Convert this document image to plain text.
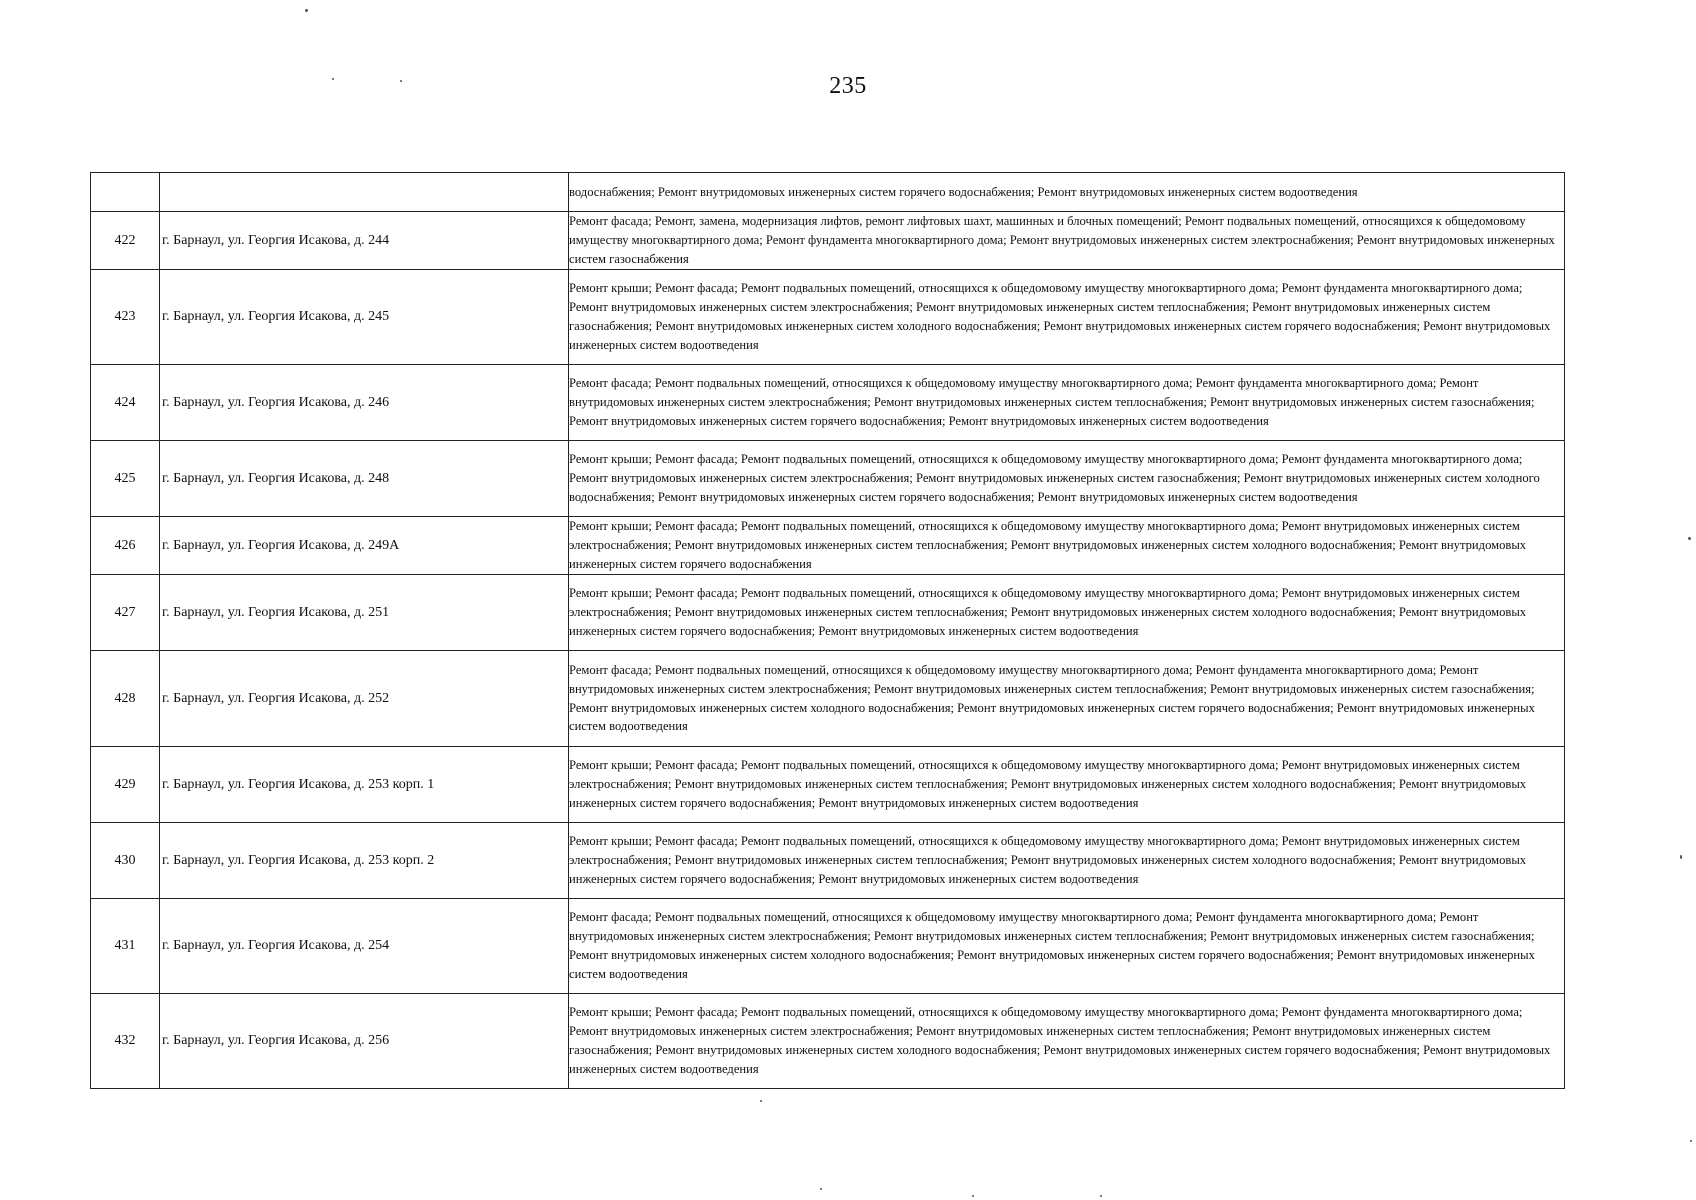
235
		водоснабжения; Ремонт внутридомовых инженерных систем горячего водоснабжения; Ремонт внутридомовых инженерных систем водоотведения
422	г. Барнаул, ул. Георгия Исакова, д. 244	Ремонт фасада; Ремонт, замена, модернизация лифтов, ремонт лифтовых шахт, машинных и блочных помещений; Ремонт подвальных помещений, относящихся к общедомовому имуществу многоквартирного дома; Ремонт фундамента многоквартирного дома; Ремонт внутридомовых инженерных систем электроснабжения; Ремонт внутридомовых инженерных систем газоснабжения
423	г. Барнаул, ул. Георгия Исакова, д. 245	Ремонт крыши; Ремонт фасада; Ремонт подвальных помещений, относящихся к общедомовому имуществу многоквартирного дома; Ремонт фундамента многоквартирного дома; Ремонт внутридомовых инженерных систем электроснабжения; Ремонт внутридомовых инженерных систем теплоснабжения; Ремонт внутридомовых инженерных систем газоснабжения; Ремонт внутридомовых инженерных систем холодного водоснабжения; Ремонт внутридомовых инженерных систем горячего водоснабжения; Ремонт внутридомовых инженерных систем водоотведения
424	г. Барнаул, ул. Георгия Исакова, д. 246	Ремонт фасада; Ремонт подвальных помещений, относящихся к общедомовому имуществу многоквартирного дома; Ремонт фундамента многоквартирного дома; Ремонт внутридомовых инженерных систем электроснабжения; Ремонт внутридомовых инженерных систем теплоснабжения; Ремонт внутридомовых инженерных систем газоснабжения; Ремонт внутридомовых инженерных систем горячего водоснабжения; Ремонт внутридомовых инженерных систем водоотведения
425	г. Барнаул, ул. Георгия Исакова, д. 248	Ремонт крыши; Ремонт фасада; Ремонт подвальных помещений, относящихся к общедомовому имуществу многоквартирного дома; Ремонт фундамента многоквартирного дома; Ремонт внутридомовых инженерных систем электроснабжения; Ремонт внутридомовых инженерных систем газоснабжения; Ремонт внутридомовых инженерных систем холодного водоснабжения; Ремонт внутридомовых инженерных систем горячего водоснабжения; Ремонт внутридомовых инженерных систем водоотведения
426	г. Барнаул, ул. Георгия Исакова, д. 249А	Ремонт крыши; Ремонт фасада; Ремонт подвальных помещений, относящихся к общедомовому имуществу многоквартирного дома; Ремонт внутридомовых инженерных систем электроснабжения; Ремонт внутридомовых инженерных систем теплоснабжения; Ремонт внутридомовых инженерных систем холодного водоснабжения; Ремонт внутридомовых инженерных систем горячего водоснабжения
427	г. Барнаул, ул. Георгия Исакова, д. 251	Ремонт крыши; Ремонт фасада; Ремонт подвальных помещений, относящихся к общедомовому имуществу многоквартирного дома; Ремонт внутридомовых инженерных систем электроснабжения; Ремонт внутридомовых инженерных систем теплоснабжения; Ремонт внутридомовых инженерных систем холодного водоснабжения; Ремонт внутридомовых инженерных систем горячего водоснабжения; Ремонт внутридомовых инженерных систем водоотведения
428	г. Барнаул, ул. Георгия Исакова, д. 252	Ремонт фасада; Ремонт подвальных помещений, относящихся к общедомовому имуществу многоквартирного дома; Ремонт фундамента многоквартирного дома; Ремонт внутридомовых инженерных систем электроснабжения; Ремонт внутридомовых инженерных систем теплоснабжения; Ремонт внутридомовых инженерных систем газоснабжения; Ремонт внутридомовых инженерных систем холодного водоснабжения; Ремонт внутридомовых инженерных систем горячего водоснабжения; Ремонт внутридомовых инженерных систем водоотведения
429	г. Барнаул, ул. Георгия Исакова, д. 253 корп. 1	Ремонт крыши; Ремонт фасада; Ремонт подвальных помещений, относящихся к общедомовому имуществу многоквартирного дома; Ремонт внутридомовых инженерных систем электроснабжения; Ремонт внутридомовых инженерных систем теплоснабжения; Ремонт внутридомовых инженерных систем холодного водоснабжения; Ремонт внутридомовых инженерных систем горячего водоснабжения; Ремонт внутридомовых инженерных систем водоотведения
430	г. Барнаул, ул. Георгия Исакова, д. 253 корп. 2	Ремонт крыши; Ремонт фасада; Ремонт подвальных помещений, относящихся к общедомовому имуществу многоквартирного дома; Ремонт внутридомовых инженерных систем электроснабжения; Ремонт внутридомовых инженерных систем теплоснабжения; Ремонт внутридомовых инженерных систем холодного водоснабжения; Ремонт внутридомовых инженерных систем горячего водоснабжения; Ремонт внутридомовых инженерных систем водоотведения
431	г. Барнаул, ул. Георгия Исакова, д. 254	Ремонт фасада; Ремонт подвальных помещений, относящихся к общедомовому имуществу многоквартирного дома; Ремонт фундамента многоквартирного дома; Ремонт внутридомовых инженерных систем электроснабжения; Ремонт внутридомовых инженерных систем теплоснабжения; Ремонт внутридомовых инженерных систем газоснабжения; Ремонт внутридомовых инженерных систем холодного водоснабжения; Ремонт внутридомовых инженерных систем горячего водоснабжения; Ремонт внутридомовых инженерных систем водоотведения
432	г. Барнаул, ул. Георгия Исакова, д. 256	Ремонт крыши; Ремонт фасада; Ремонт подвальных помещений, относящихся к общедомовому имуществу многоквартирного дома; Ремонт фундамента многоквартирного дома; Ремонт внутридомовых инженерных систем электроснабжения; Ремонт внутридомовых инженерных систем теплоснабжения; Ремонт внутридомовых инженерных систем газоснабжения; Ремонт внутридомовых инженерных систем холодного водоснабжения; Ремонт внутридомовых инженерных систем горячего водоснабжения; Ремонт внутридомовых инженерных систем водоотведения
